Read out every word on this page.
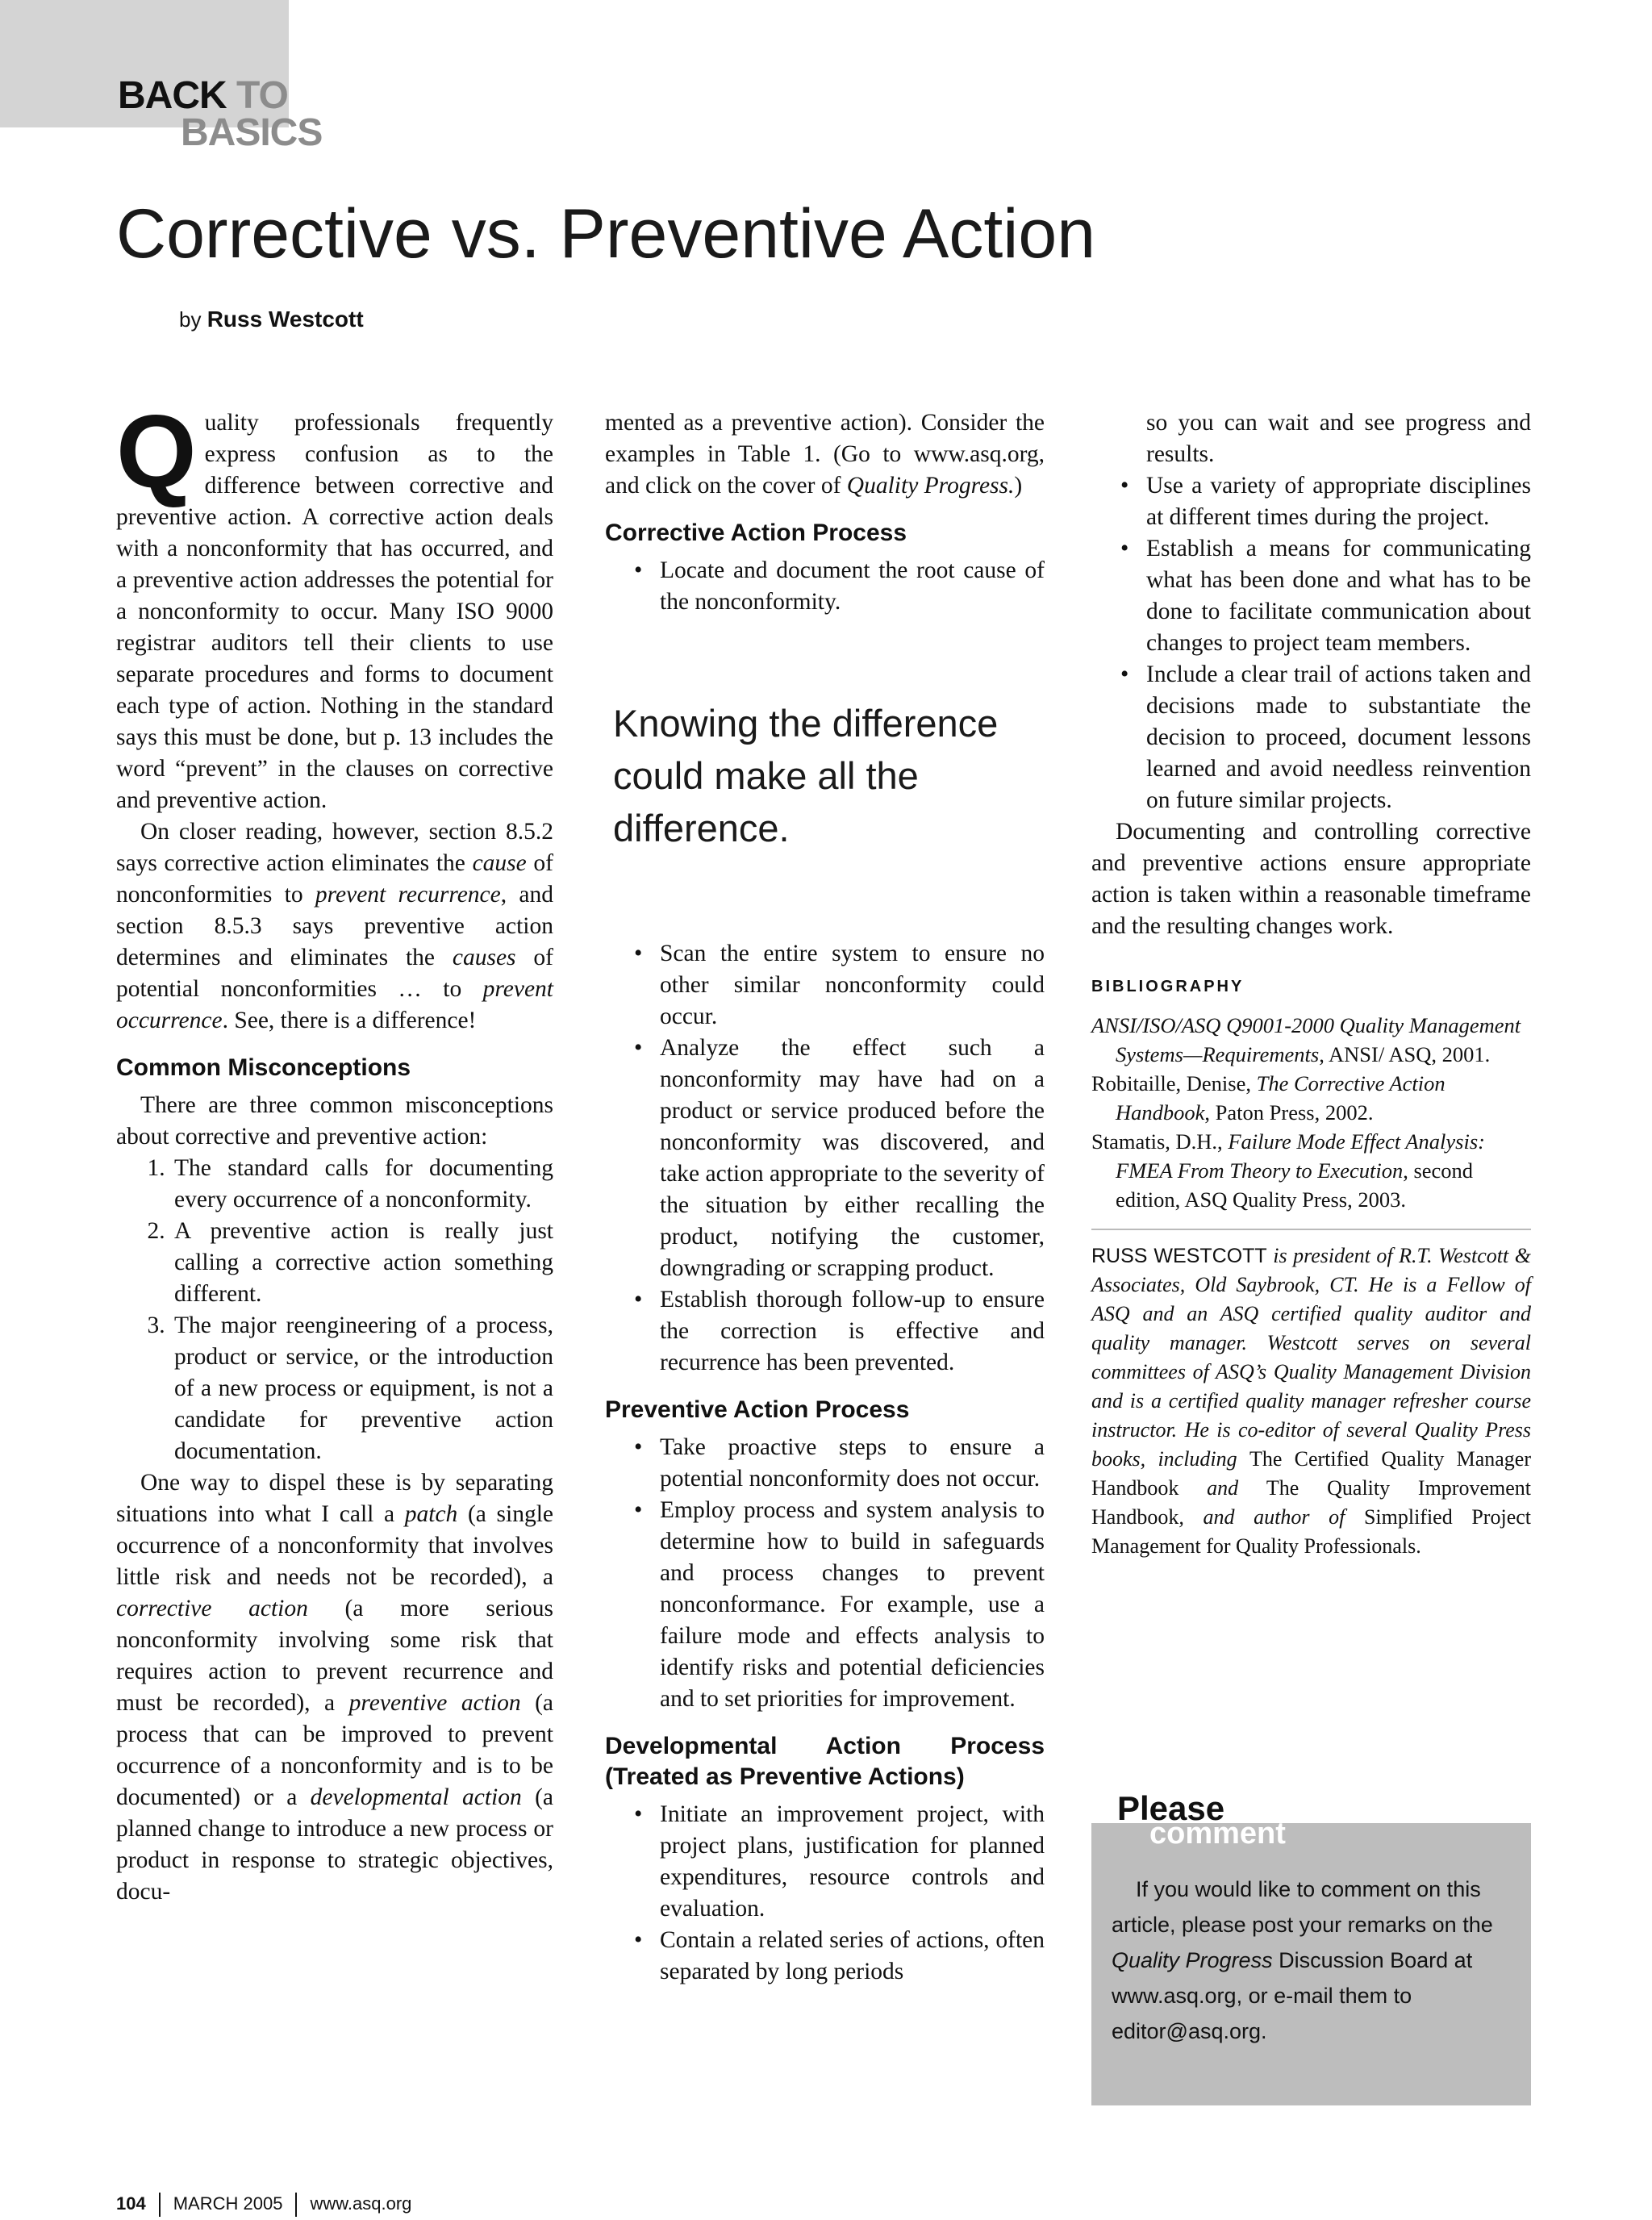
BACK TO
BASICS
Corrective vs. Preventive Action
by Russ Westcott

Quality professionals frequently express confusion as to the difference between corrective and preventive action. A corrective action deals with a nonconformity that has occurred, and a preventive action addresses the potential for a nonconformity to occur. Many ISO 9000 registrar auditors tell their clients to use separate procedures and forms to document each type of action. Nothing in the standard says this must be done, but p. 13 includes the word “prevent” in the clauses on corrective and preventive action.

On closer reading, however, section 8.5.2 says corrective action eliminates the cause of nonconformities to prevent recurrence, and section 8.5.3 says preventive action determines and eliminates the causes of potential nonconformities … to prevent occurrence. See, there is a difference!

Common Misconceptions

There are three common misconceptions about corrective and preventive action:

1. The standard calls for documenting every occurrence of a nonconformity.
2. A preventive action is really just calling a corrective action something different.
3. The major reengineering of a process, product or service, or the introduction of a new process or equipment, is not a candidate for preventive action documentation.

One way to dispel these is by separating situations into what I call a patch (a single occurrence of a nonconformity that involves little risk and needs not be recorded), a corrective action (a more serious nonconformity involving some risk that requires action to prevent recurrence and must be recorded), a preventive action (a process that can be improved to prevent occurrence of a nonconformity and is to be documented) or a developmental action (a planned change to introduce a new process or product in response to strategic objectives, docu-

mented as a preventive action). Consider the examples in Table 1. (Go to www.asq.org, and click on the cover of Quality Progress.)

Corrective Action Process
• Locate and document the root cause of the nonconformity.
Knowing the difference could make all the difference.
• Scan the entire system to ensure no other similar nonconformity could occur.
• Analyze the effect such a nonconformity may have had on a product or service produced before the nonconformity was discovered, and take action appropriate to the severity of the situation by either recalling the product, notifying the customer, downgrading or scrapping product.
• Establish thorough follow-up to ensure the correction is effective and recurrence has been prevented.
Preventive Action Process
• Take proactive steps to ensure a potential nonconformity does not occur.
• Employ process and system analysis to determine how to build in safeguards and process changes to prevent nonconformance. For example, use a failure mode and effects analysis to identify risks and potential deficiencies and to set priorities for improvement.
Developmental Action Process (Treated as Preventive Actions)
• Initiate an improvement project, with project plans, justification for planned expenditures, resource controls and evaluation.
• Contain a related series of actions, often separated by long periods

so you can wait and see progress and results.

• Use a variety of appropriate disciplines at different times during the project.
• Establish a means for communicating what has been done and what has to be done to facilitate communication about changes to project team members.
• Include a clear trail of actions taken and decisions made to substantiate the decision to proceed, document lessons learned and avoid needless reinvention on future similar projects.

Documenting and controlling corrective and preventive actions ensure appropriate action is taken within a reasonable timeframe and the resulting changes work.

BIBLIOGRAPHY

ANSI/ISO/ASQ Q9001-2000 Quality Management Systems—Requirements, ANSI/ ASQ, 2001.

Robitaille, Denise, The Corrective Action Handbook, Paton Press, 2002.

Stamatis, D.H., Failure Mode Effect Analysis: FMEA From Theory to Execution, second edition, ASQ Quality Press, 2003.

RUSS WESTCOTT is president of R.T. Westcott & Associates, Old Saybrook, CT. He is a Fellow of ASQ and an ASQ certified quality auditor and quality manager. Westcott serves on several committees of ASQ’s Quality Management Division and is a certified quality manager refresher course instructor. He is co-editor of several Quality Press books, including The Certified Quality Manager Handbook and The Quality Improvement Handbook, and author of Simplified Project Management for Quality Professionals.

Please
comment
If you would like to comment on this article, please post your remarks on the Quality Progress Discussion Board at www.asq.org, or e-mail them to editor@asq.org.
104 MARCH 2005 www.asq.org
